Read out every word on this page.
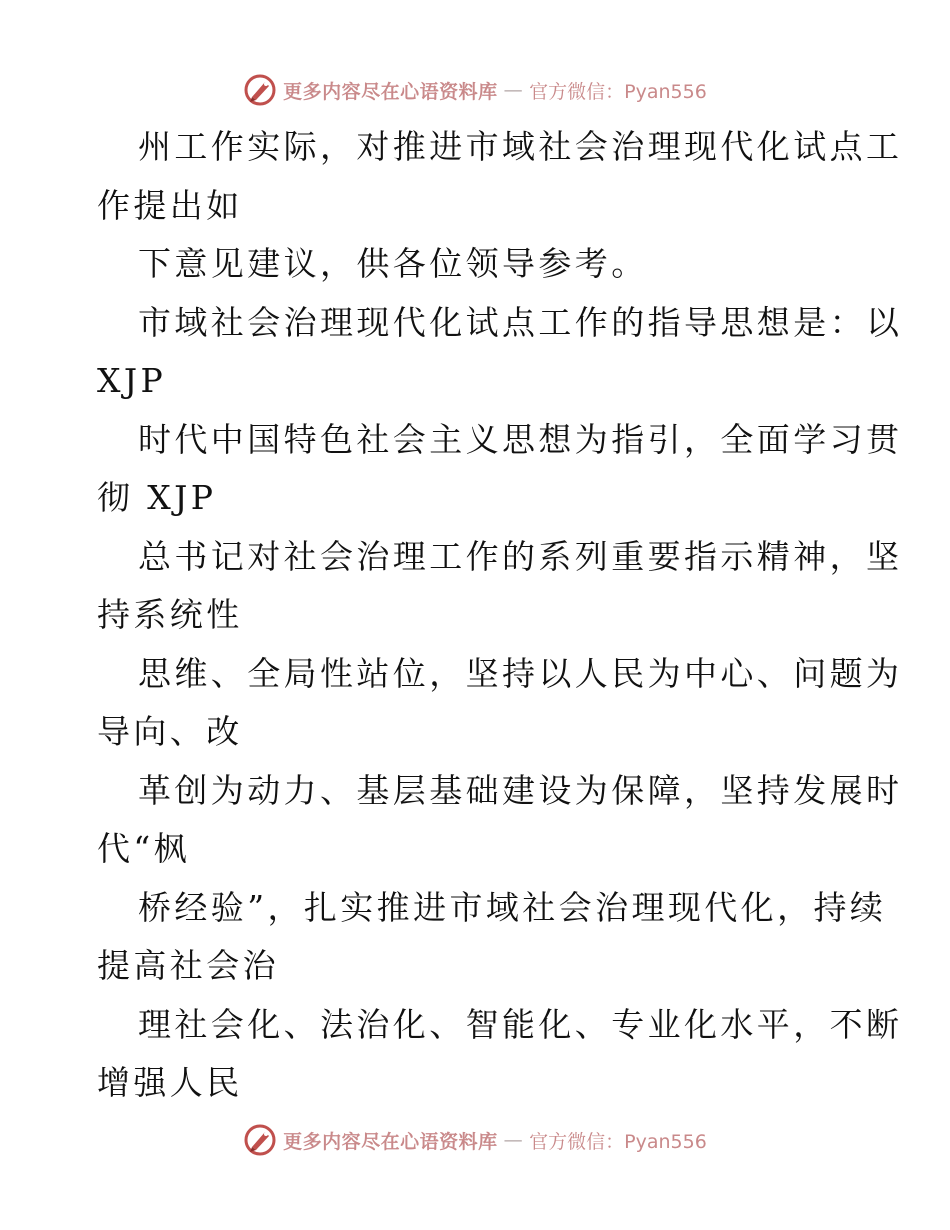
更多内容尽在心语资料库 — 官方微信：Pyan556
州工作实际，对推进市域社会治理现代化试点工
作提出如
下意见建议，供各位领导参考。
市域社会治理现代化试点工作的指导思想是：以
XJP
时代中国特色社会主义思想为指引，全面学习贯
彻 XJP
总书记对社会治理工作的系列重要指示精神，坚
持系统性
思维、全局性站位，坚持以人民为中心、问题为
导向、改
革创为动力、基层基础建设为保障，坚持发展时
代“枫
桥经验”，扎实推进市域社会治理现代化，持续
提高社会治
理社会化、法治化、智能化、专业化水平，不断
增强人民
更多内容尽在心语资料库 — 官方微信：Pyan556
